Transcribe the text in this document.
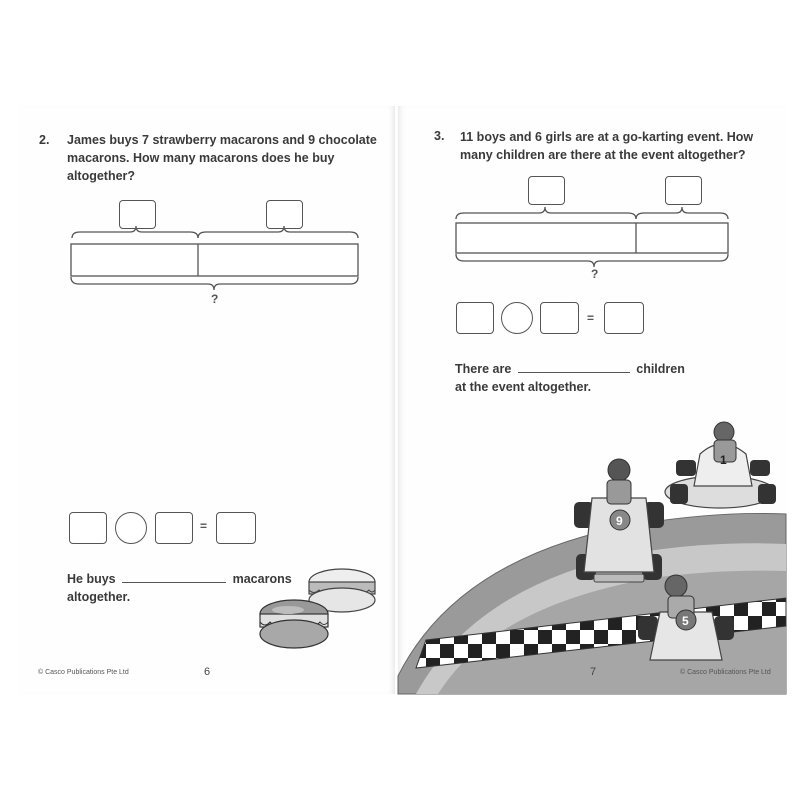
2. James buys 7 strawberry macarons and 9 chocolate
macarons. How many macarons does he buy
altogether?
?
=
He buys	macarons
altogether.
© Casco Publications Pte Ltd	6
3. 11 boys and 6 girls are at a go-karting event. How
many children are there at the event altogether?
?
=
There are	children
at the event altogether.
1
9
5
7	© Casco Publications Pte Ltd
